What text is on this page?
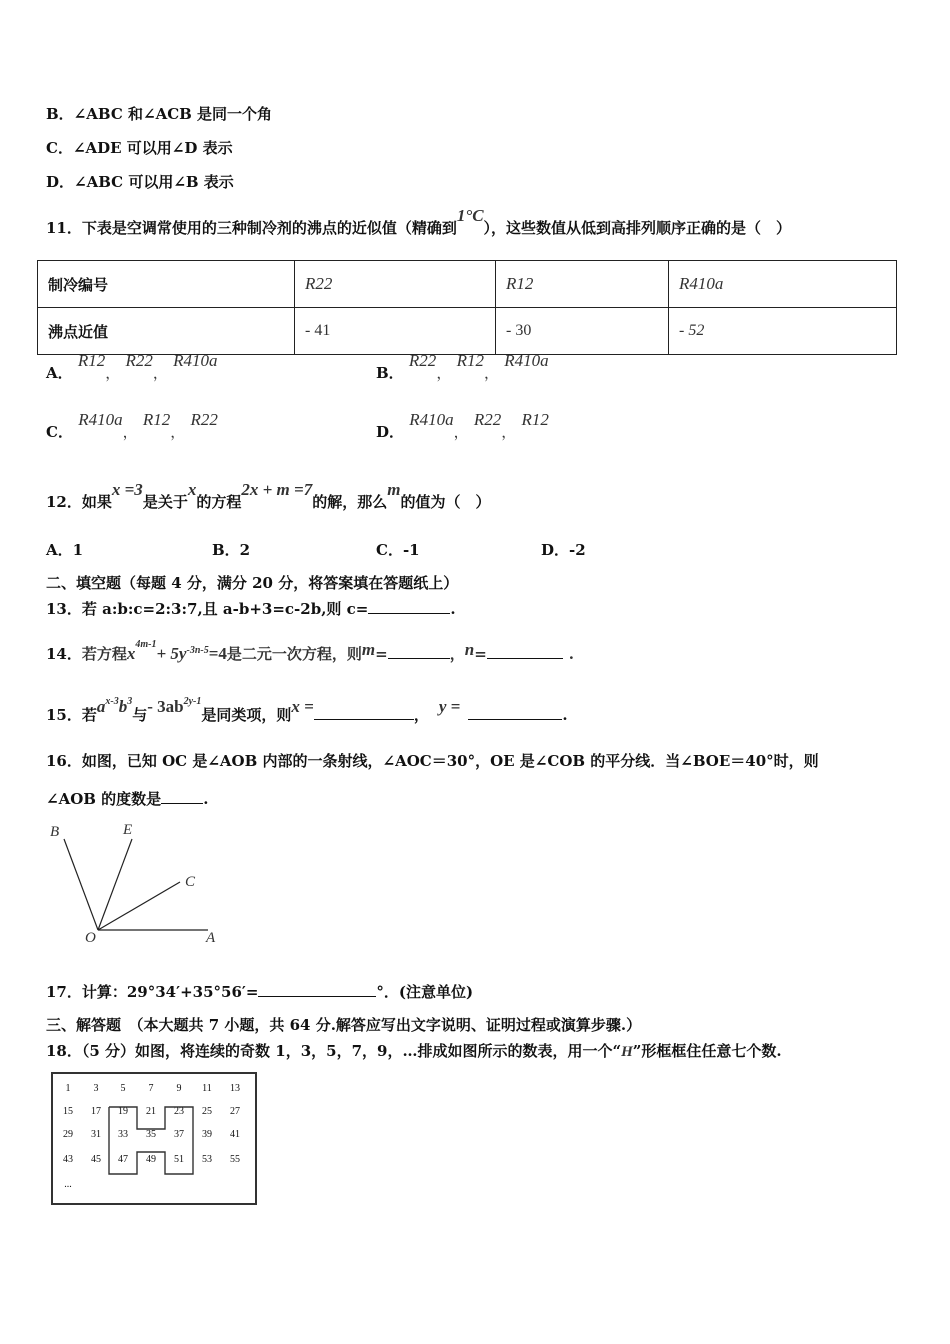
B．∠ABC 和∠ACB 是同一个角
C．∠ADE 可以用∠D 表示
D．∠ABC 可以用∠B 表示
11．下表是空调常使用的三种制冷剂的沸点的近似值（精确到1°C），这些数值从低到高排列顺序正确的是（　）
制冷编号	R22	R12	R410a
沸点近值	- 41	- 30	- 52
A． R12， R22， R410a
B． R22， R12， R410a
C． R410a， R12， R22
D． R410a， R22， R12
12．如果x =3是关于x的方程2x + m =7的解，那么m的值为（　）
A．1	B．2	C．-1	D．-2
二、填空题（每题 4 分，满分 20 分，将答案填在答题纸上）
13．若 a:b:c=2:3:7,且 a-b+3=c-2b,则 c=	.
14．若方程$x^{4m-1}+ 5y^{-3n-5}=4$是二元一次方程，则m=	，n=	.
15．若$a^{x-3}b^3$与- $3ab^{2y-1}$是同类项，则x =	， y =	.
16．如图，已知 OC 是∠AOB 内部的一条射线，∠AOC＝30°，OE 是∠COB 的平分线．当∠BOE＝40°时，则
∠AOB 的度数是	.
B	E
C
O	A
17．计算：29°34′+35°56′=	°．(注意单位)
三、解答题　（本大题共 7 小题，共 64 分.解答应写出文字说明、证明过程或演算步骤.）
18．（5 分）如图，将连续的奇数 1，3，5，7，9，…排成如图所示的数表，用一个“H”形框框住任意七个数.
1	3	5	7	9	11	13
15	17	19	21	23	25	27
29	31	33	35	37	39	41
43	45	47	49	51	53	55
...
